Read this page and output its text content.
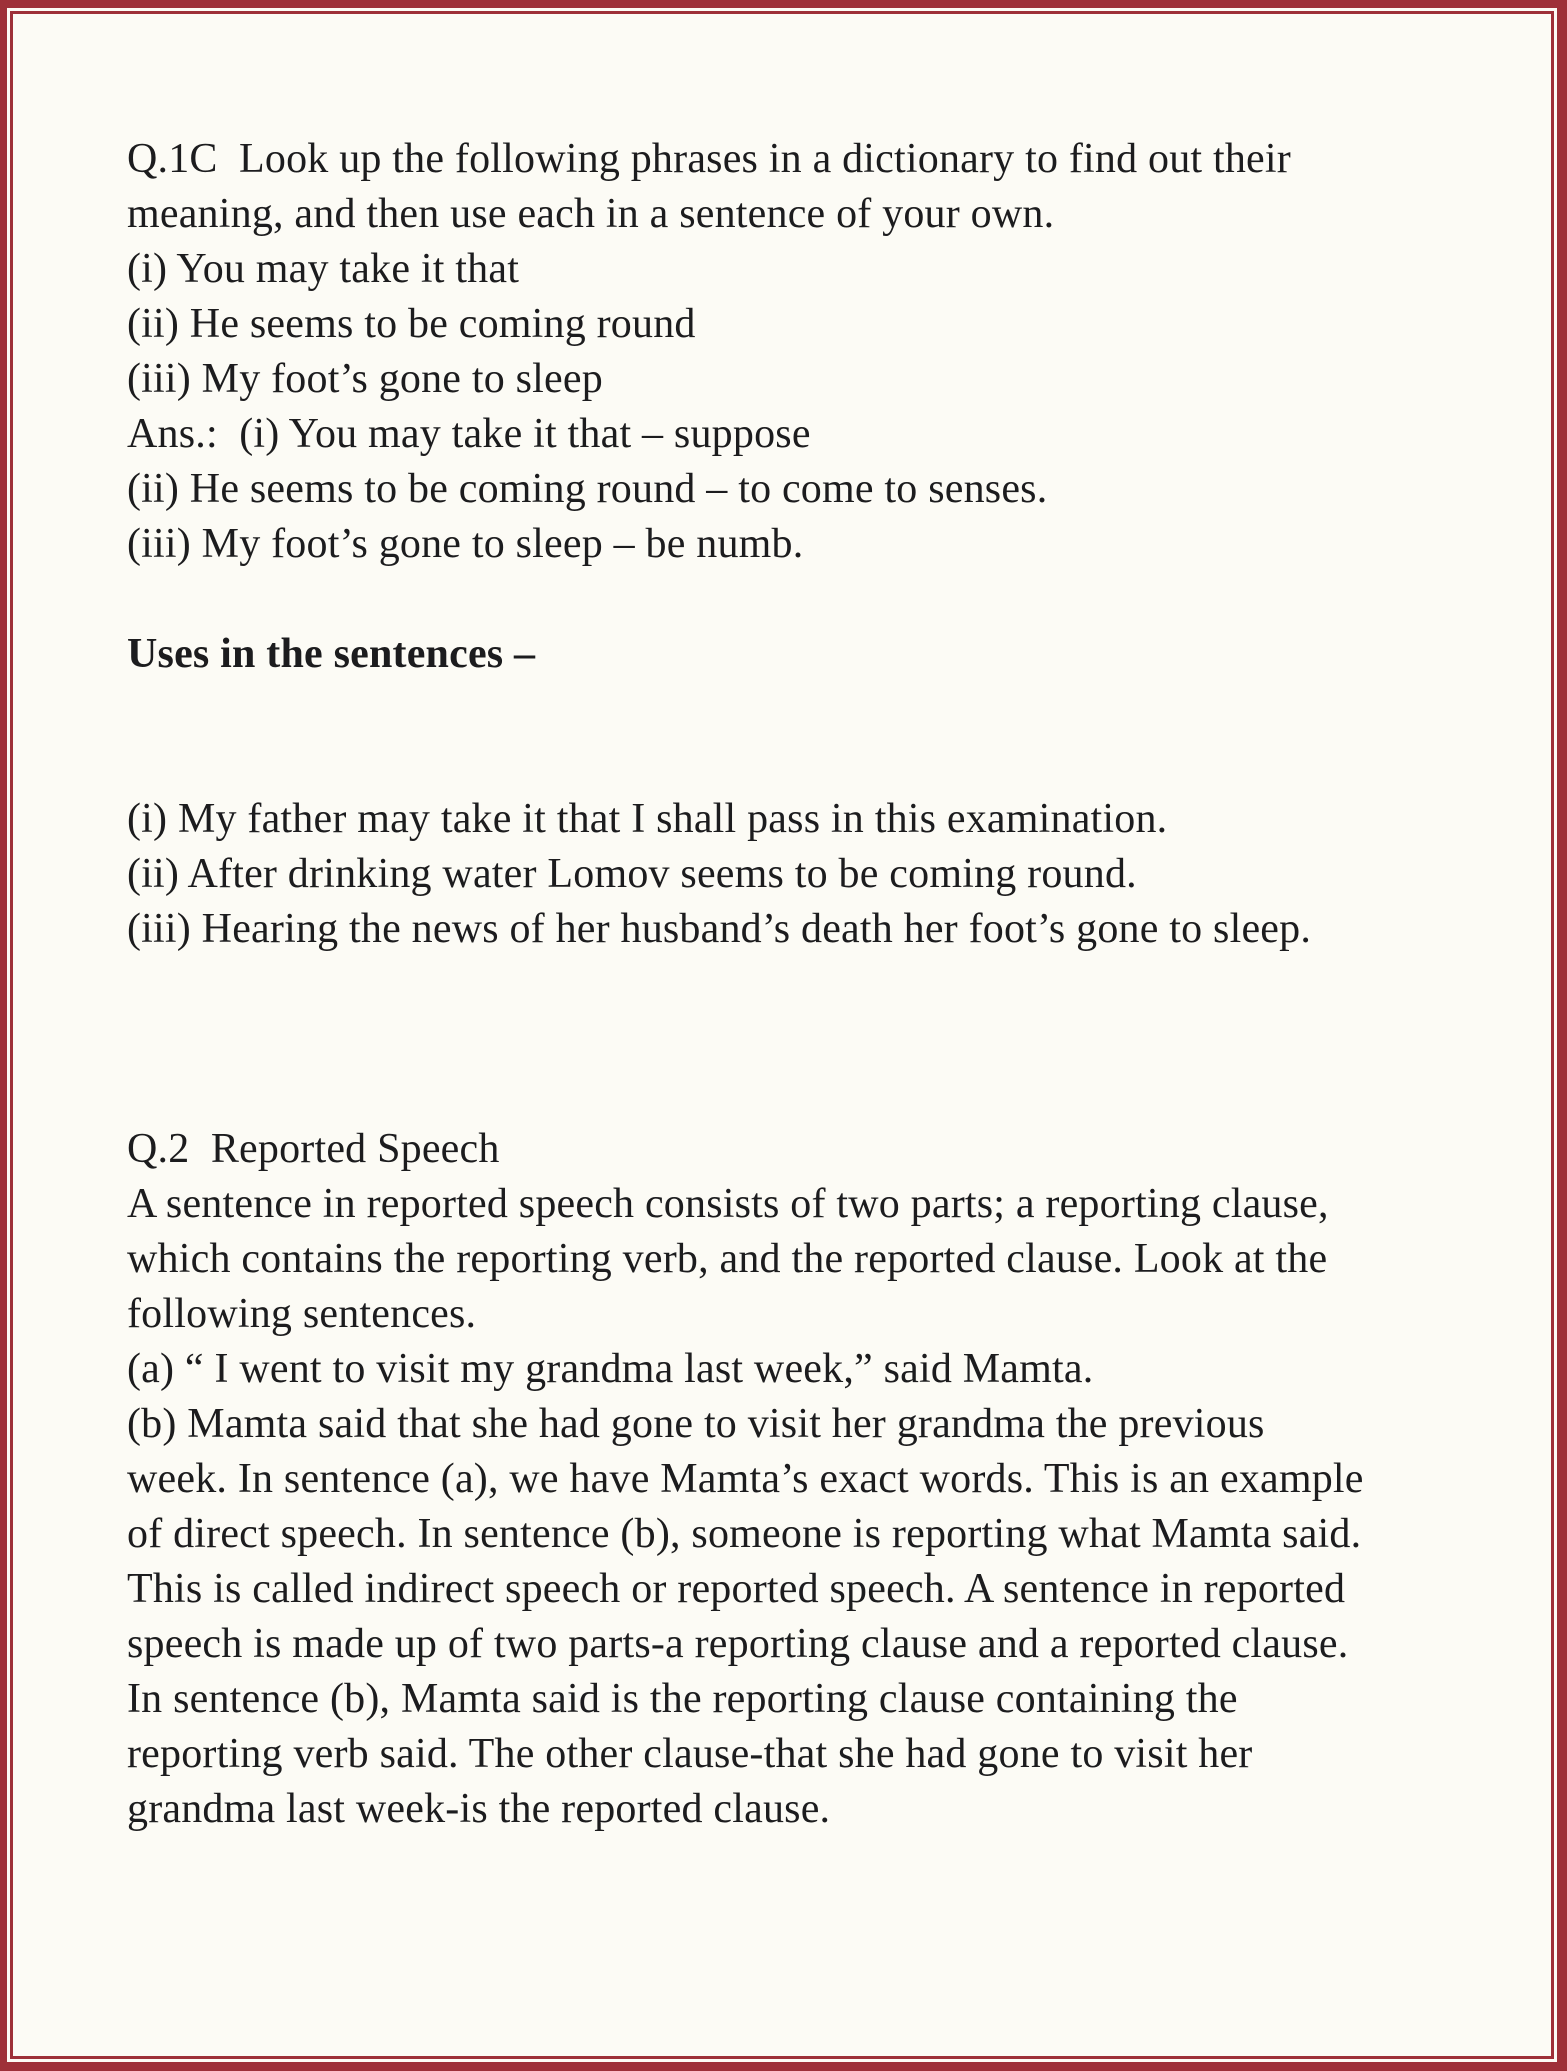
Q.1C  Look up the following phrases in a dictionary to find out their
meaning, and then use each in a sentence of your own.
(i) You may take it that
(ii) He seems to be coming round
(iii) My foot’s gone to sleep
Ans.:  (i) You may take it that – suppose
(ii) He seems to be coming round – to come to senses.
(iii) My foot’s gone to sleep – be numb.
Uses in the sentences –
(i) My father may take it that I shall pass in this examination.
(ii) After drinking water Lomov seems to be coming round.
(iii) Hearing the news of her husband’s death her foot’s gone to sleep.
Q.2  Reported Speech
A sentence in reported speech consists of two parts; a reporting clause,
which contains the reporting verb, and the reported clause. Look at the
following sentences.
(a) “ I went to visit my grandma last week,” said Mamta.
(b) Mamta said that she had gone to visit her grandma the previous
week. In sentence (a), we have Mamta’s exact words. This is an example
of direct speech. In sentence (b), someone is reporting what Mamta said.
This is called indirect speech or reported speech. A sentence in reported
speech is made up of two parts-a reporting clause and a reported clause.
In sentence (b), Mamta said is the reporting clause containing the
reporting verb said. The other clause-that she had gone to visit her
grandma last week-is the reported clause.
